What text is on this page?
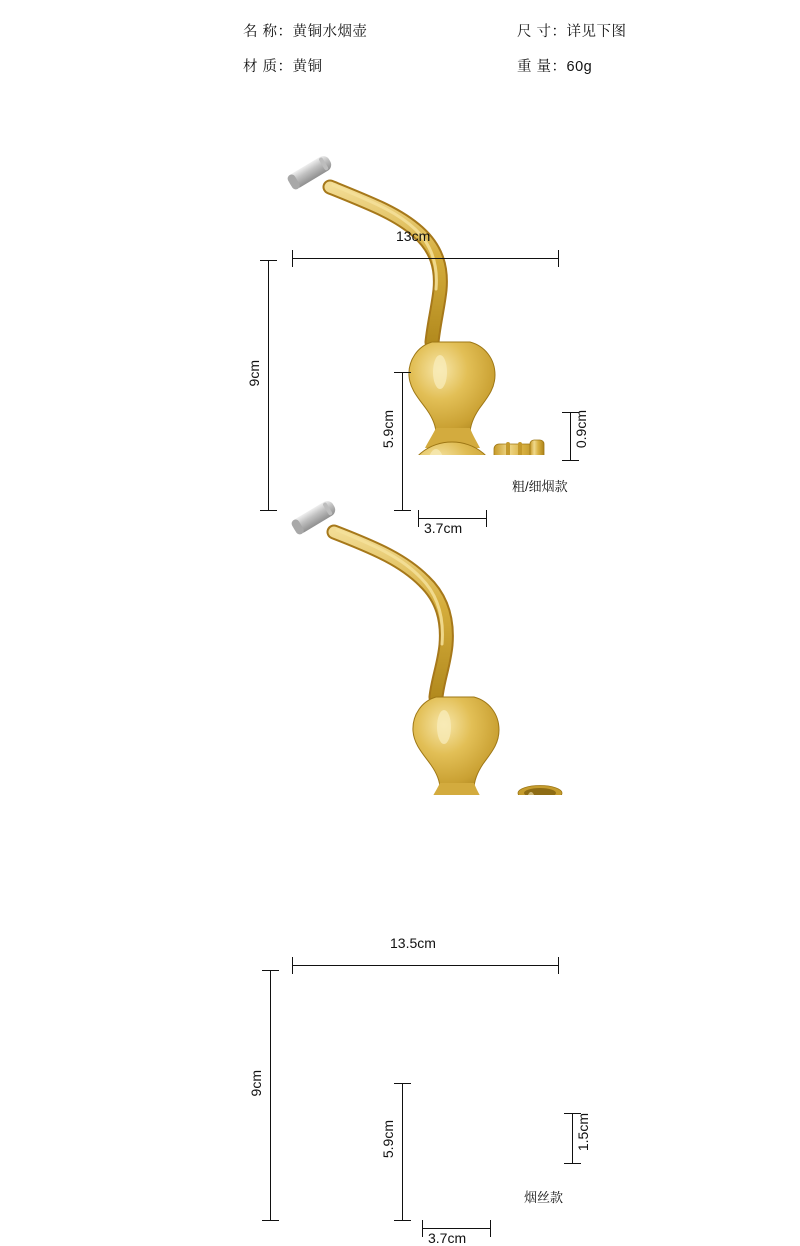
名 称：黄铜水烟壶	尺 寸：详见下图
材 质：黄铜	重 量：60g
13cm
9cm
5.9cm
3.7cm
0.9cm
粗/细烟款
13.5cm
9cm
5.9cm
3.7cm
1.5cm
烟丝款
